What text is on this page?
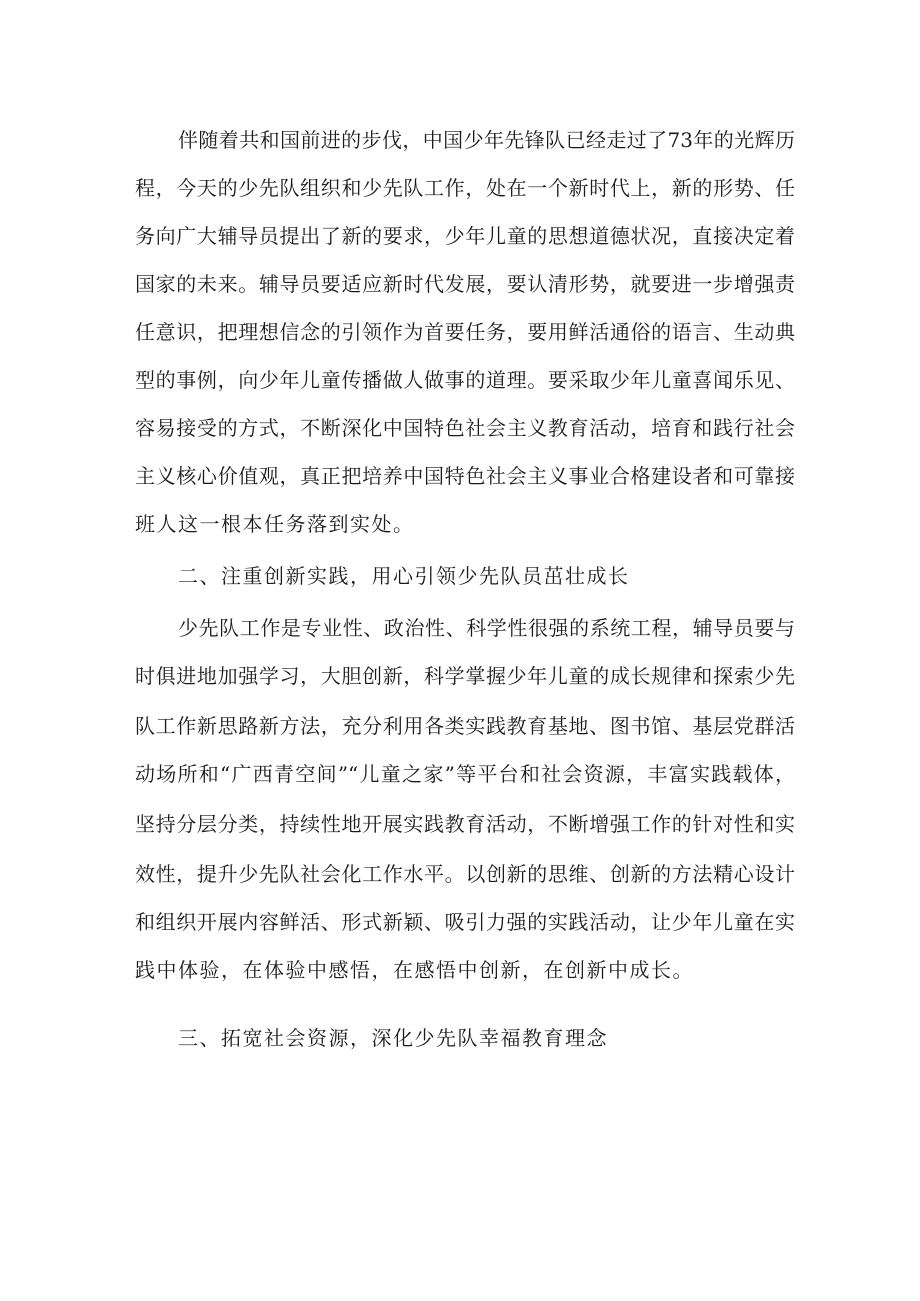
伴随着共和国前进的步伐，中国少年先锋队已经走过了73年的光辉历
程，今天的少先队组织和少先队工作，处在一个新时代上，新的形势、任
务向广大辅导员提出了新的要求，少年儿童的思想道德状况，直接决定着
国家的未来。辅导员要适应新时代发展，要认清形势，就要进一步增强责
任意识，把理想信念的引领作为首要任务，要用鲜活通俗的语言、生动典
型的事例，向少年儿童传播做人做事的道理。要采取少年儿童喜闻乐见、
容易接受的方式，不断深化中国特色社会主义教育活动，培育和践行社会
主义核心价值观，真正把培养中国特色社会主义事业合格建设者和可靠接
班人这一根本任务落到实处。
二、注重创新实践，用心引领少先队员茁壮成长
少先队工作是专业性、政治性、科学性很强的系统工程，辅导员要与
时俱进地加强学习，大胆创新，科学掌握少年儿童的成长规律和探索少先
队工作新思路新方法，充分利用各类实践教育基地、图书馆、基层党群活
动场所和“广西青空间”“儿童之家”等平台和社会资源，丰富实践载体，
坚持分层分类，持续性地开展实践教育活动，不断增强工作的针对性和实
效性，提升少先队社会化工作水平。以创新的思维、创新的方法精心设计
和组织开展内容鲜活、形式新颖、吸引力强的实践活动，让少年儿童在实
践中体验，在体验中感悟，在感悟中创新，在创新中成长。
三、拓宽社会资源，深化少先队幸福教育理念
